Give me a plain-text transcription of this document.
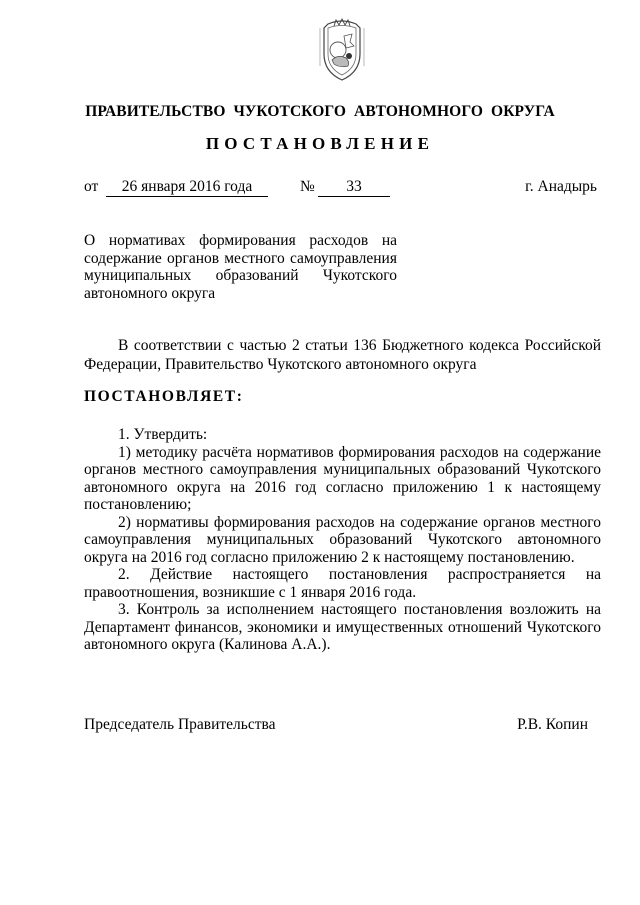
ПРАВИТЕЛЬСТВО ЧУКОТСКОГО АВТОНОМНОГО ОКРУГА
ПОСТАНОВЛЕНИЕ
от	26 января 2016 года	№	33	г. Анадырь
О нормативах формирования расходов на
содержание органов местного самоуправления
муниципальных образований Чукотского
автономного округа
В соответствии с частью 2 статьи 136 Бюджетного кодекса Российской Федерации, Правительство Чукотского автономного округа
ПОСТАНОВЛЯЕТ:

1. Утвердить:

1) методику расчёта нормативов формирования расходов на содержание органов местного самоуправления муниципальных образований Чукотского автономного округа на 2016 год согласно приложению 1 к настоящему постановлению;

2) нормативы формирования расходов на содержание органов местного самоуправления муниципальных образований Чукотского автономного округа на 2016 год согласно приложению 2 к настоящему постановлению.

2. Действие настоящего постановления распространяется на правоотношения, возникшие с 1 января 2016 года.

3. Контроль за исполнением настоящего постановления возложить на Департамент финансов, экономики и имущественных отношений Чукотского автономного округа (Калинова А.А.).

Председатель Правительства	Р.В. Копин
